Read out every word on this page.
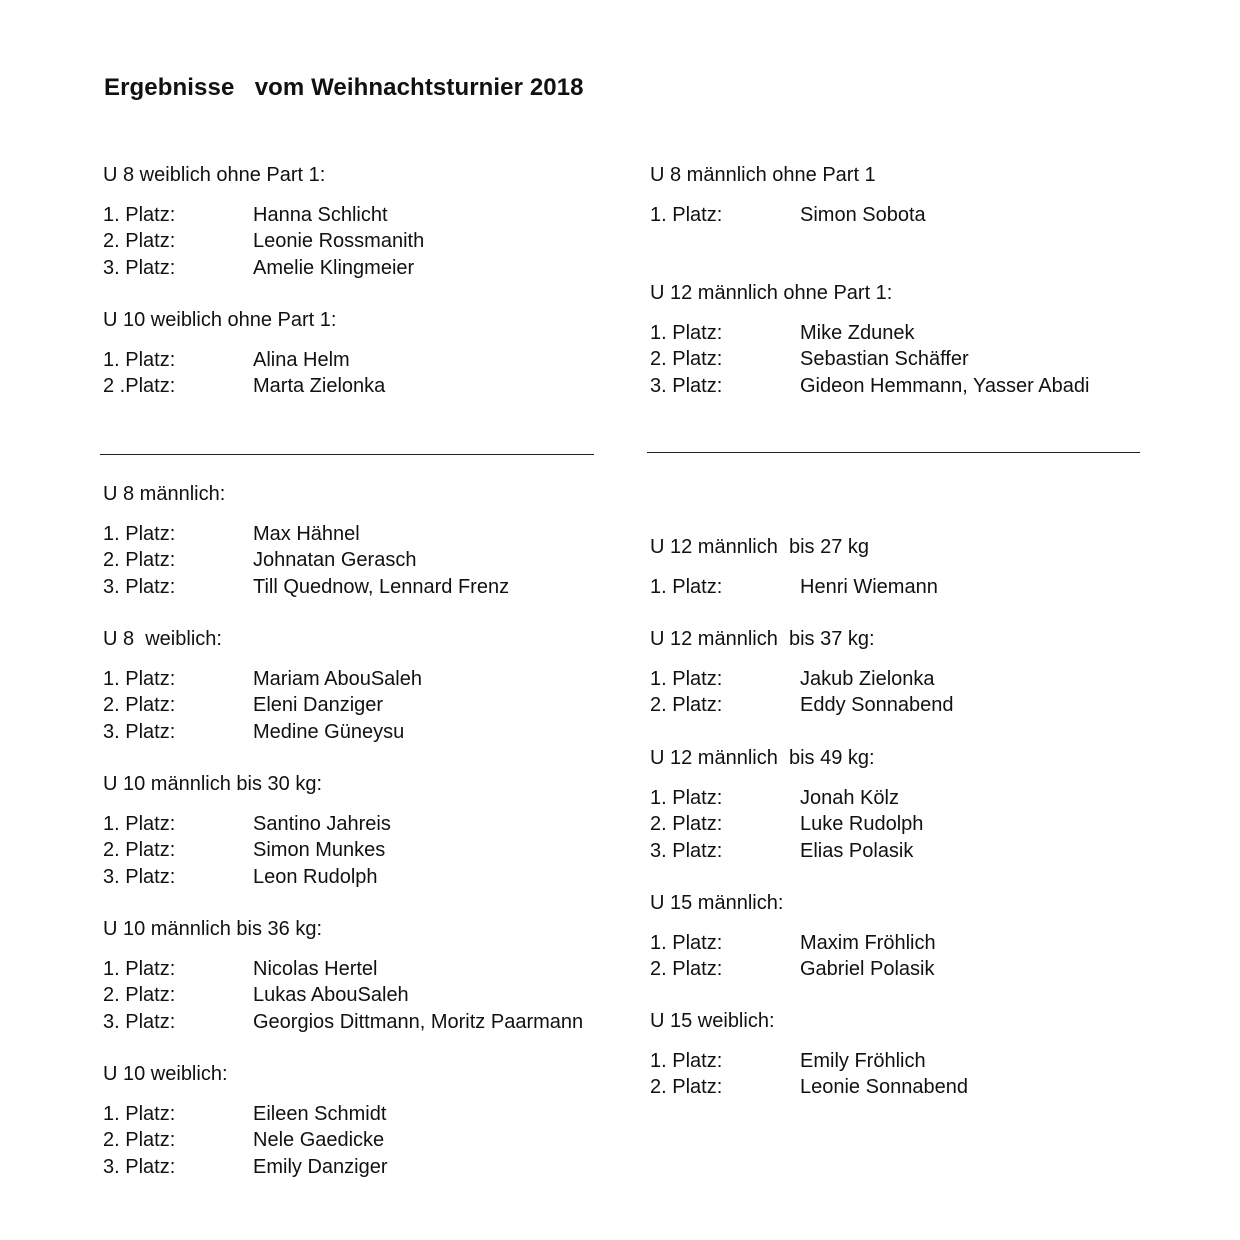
Ergebnisse   vom Weihnachtsturnier 2018
U 8 weiblich ohne Part 1:
1. Platz:	Hanna Schlicht
2. Platz:	Leonie Rossmanith
3. Platz:	Amelie Klingmeier
U 10 weiblich ohne Part 1:
1. Platz:	Alina Helm
2 .Platz:	Marta Zielonka
U 8 männlich:
1. Platz:	Max Hähnel
2. Platz:	Johnatan Gerasch
3. Platz:	Till Quednow, Lennard Frenz
U 8  weiblich:
1. Platz:	Mariam AbouSaleh
2. Platz:	Eleni Danziger
3. Platz:	Medine Güneysu
U 10 männlich bis 30 kg:
1. Platz:	Santino Jahreis
2. Platz:	Simon Munkes
3. Platz:	Leon Rudolph
U 10 männlich bis 36 kg:
1. Platz:	Nicolas Hertel
2. Platz:	Lukas AbouSaleh
3. Platz:	Georgios Dittmann, Moritz Paarmann
U 10 weiblich:
1. Platz:	Eileen Schmidt
2. Platz:	Nele Gaedicke
3. Platz:	Emily Danziger
U 8 männlich ohne Part 1
1. Platz:	Simon Sobota
U 12 männlich ohne Part 1:
1. Platz:	Mike Zdunek
2. Platz:	Sebastian Schäffer
3. Platz:	Gideon Hemmann, Yasser Abadi
U 12 männlich  bis 27 kg
1. Platz:	Henri Wiemann
U 12 männlich  bis 37 kg:
1. Platz:	Jakub Zielonka
2. Platz:	Eddy Sonnabend
U 12 männlich  bis 49 kg:
1. Platz:	Jonah Kölz
2. Platz:	Luke Rudolph
3. Platz:	Elias Polasik
U 15 männlich:
1. Platz:	Maxim Fröhlich
2. Platz:	Gabriel Polasik
U 15 weiblich:
1. Platz:	Emily Fröhlich
2. Platz:	Leonie Sonnabend
